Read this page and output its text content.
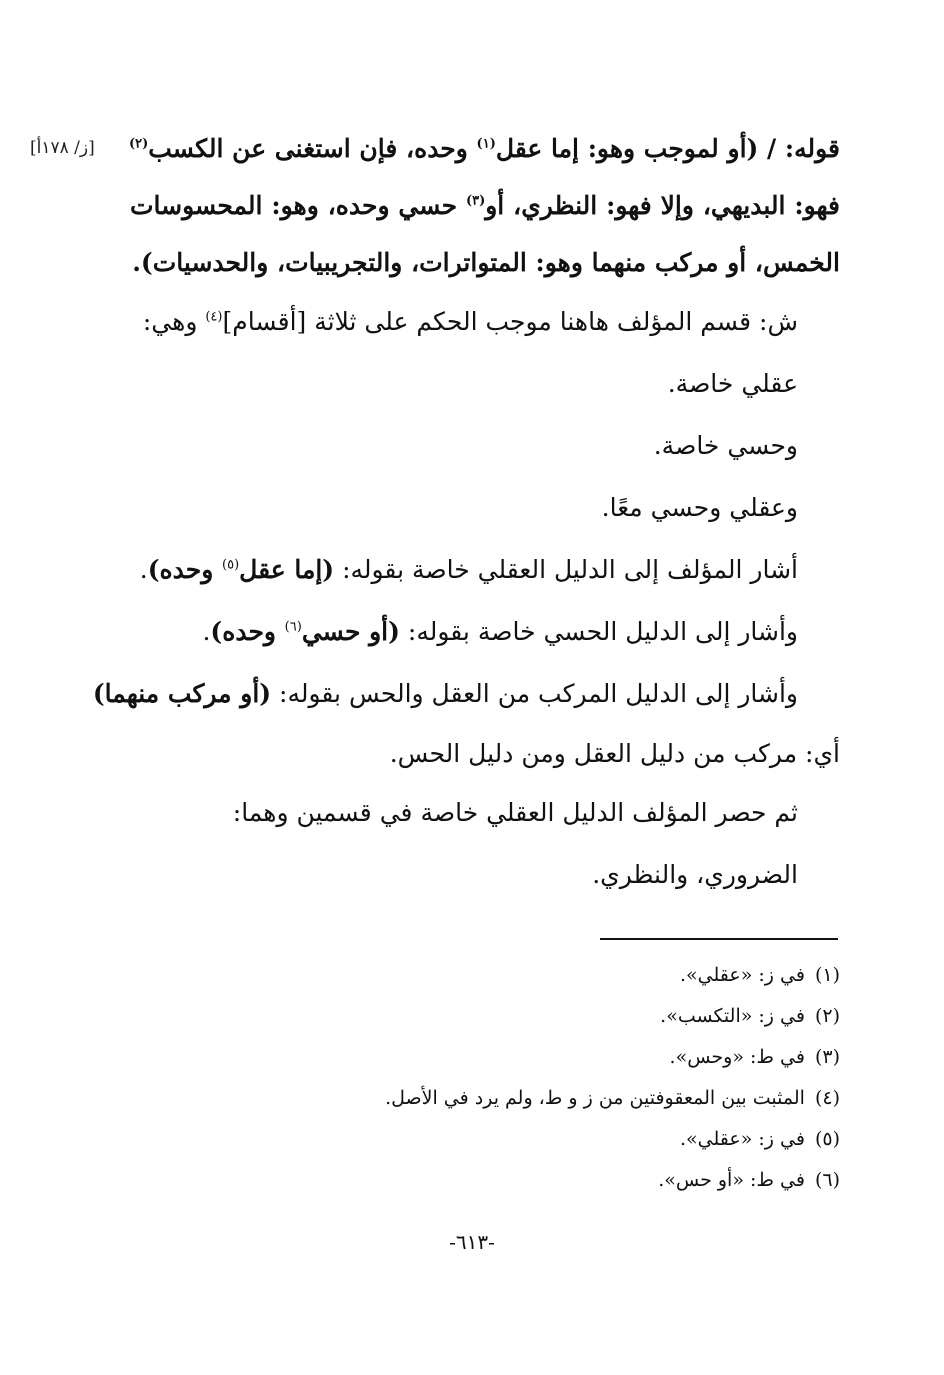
[ز/ ١٧٨أ]	قوله: / (أو لموجب وهو: إما عقل$^{(١)}$ وحده، فإن استغنى عن الكسب$^{(٢)}$
فهو: البديهي، وإلا فهو: النظري، أو$^{(٣)}$ حسي وحده، وهو: المحسوسات
الخمس، أو مركب منهما وهو: المتواترات، والتجريبيات، والحدسيات).
ش: قسم المؤلف هاهنا موجب الحكم على ثلاثة [أقسام]$^{(٤)}$ وهي:
عقلي خاصة.
وحسي خاصة.
وعقلي وحسي معًا.
أشار المؤلف إلى الدليل العقلي خاصة بقوله: (إما عقل$^{(٥)}$ وحده).
وأشار إلى الدليل الحسي خاصة بقوله: (أو حسي$^{(٦)}$ وحده).
وأشار إلى الدليل المركب من العقل والحس بقوله: (أو مركب منهما)
أي: مركب من دليل العقل ومن دليل الحس.
ثم حصر المؤلف الدليل العقلي خاصة في قسمين وهما:
الضروري، والنظري.
(١)في ز: «عقلي».
(٢)في ز: «التكسب».
(٣)في ط: «وحس».
(٤)المثبت بين المعقوفتين من ز و ط، ولم يرد في الأصل.
(٥)في ز: «عقلي».
(٦)في ط: «أو حس».
-٦١٣-
